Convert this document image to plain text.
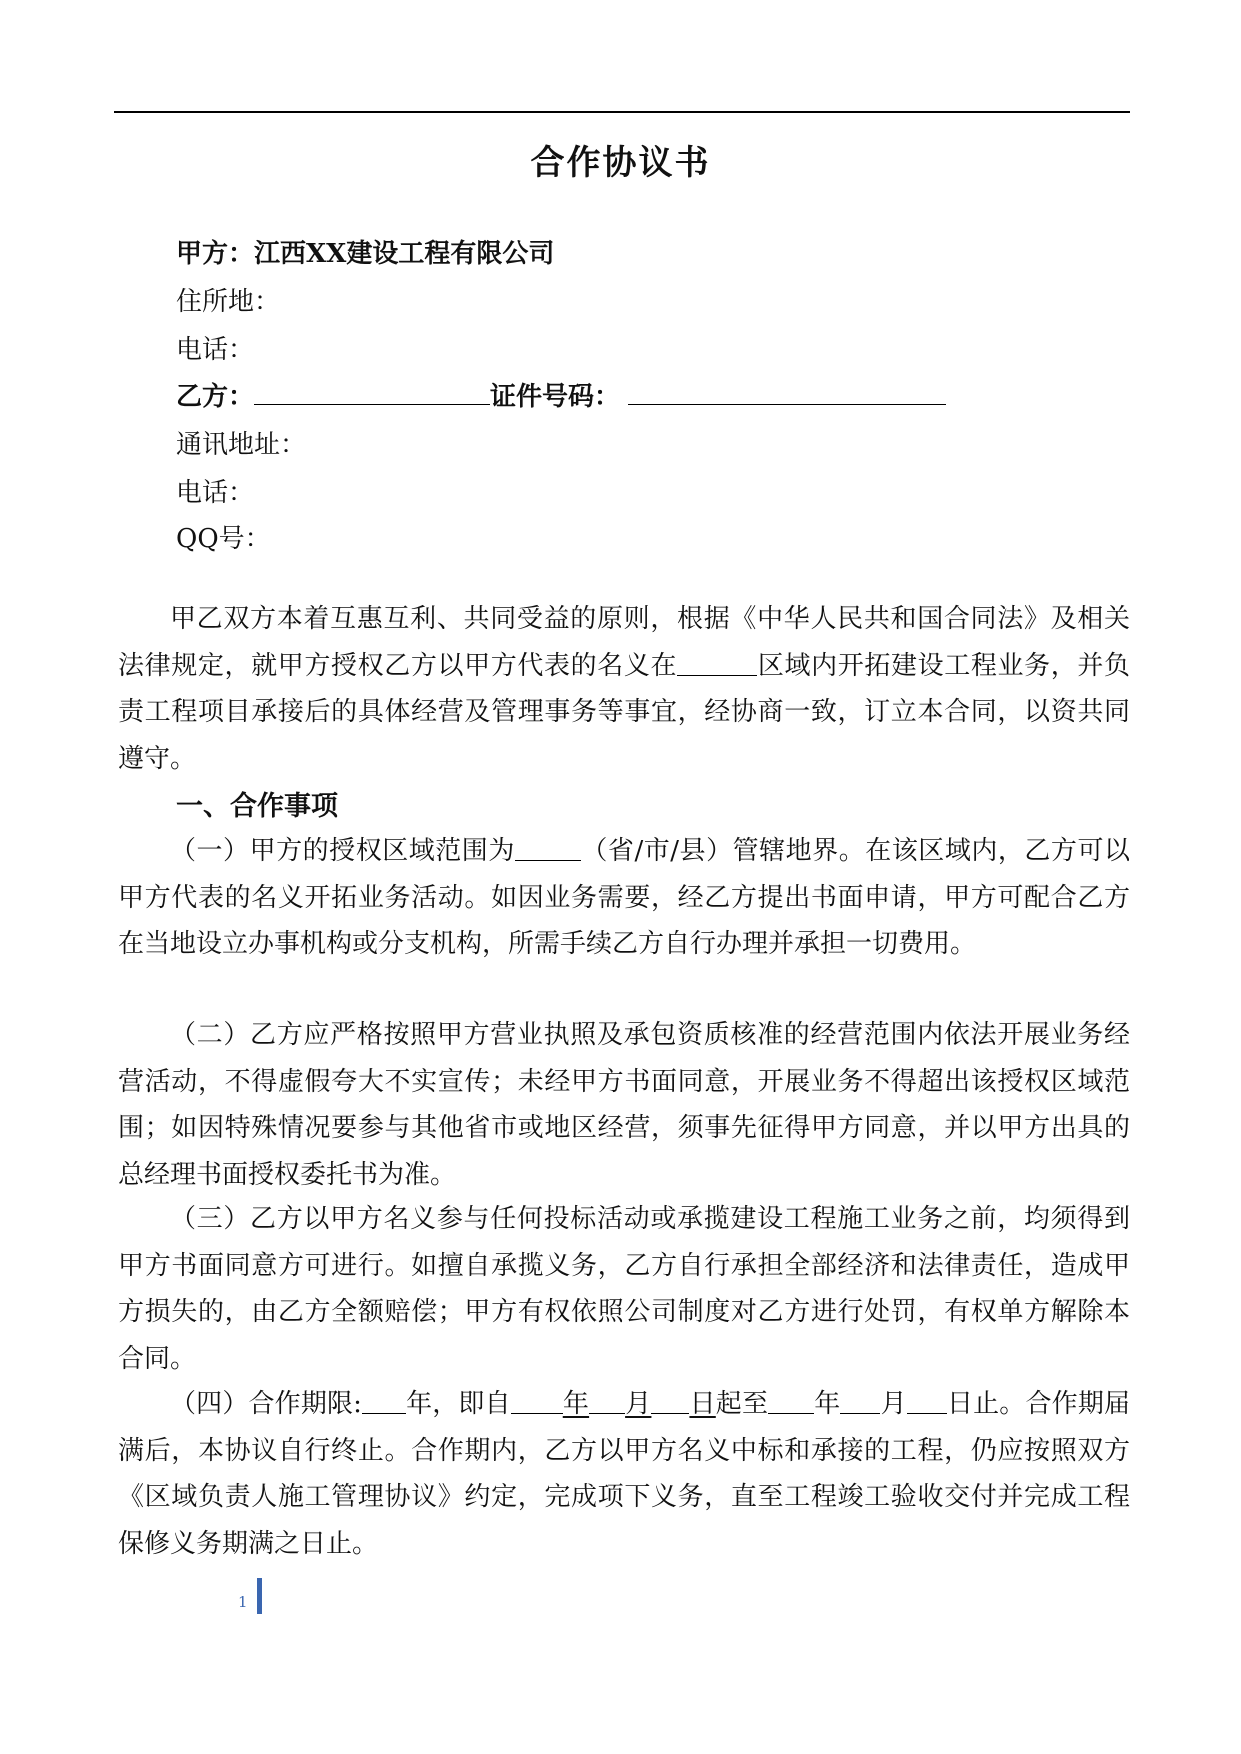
合作协议书
甲方：江西XX建设工程有限公司
住所地：
电话：
乙方：	证件号码：
通讯地址：
电话：
QQ号：

甲乙双方本着互惠互利、共同受益的原则，根据《中华人民共和国合同法》及相关法律规定，就甲方授权乙方以甲方代表的名义在	区域内开拓建设工程业务，并负责工程项目承接后的具体经营及管理事务等事宜，经协商一致，订立本合同，以资共同遵守。

一、合作事项

（一）甲方的授权区域范围为	（省/市/县）管辖地界。在该区域内，乙方可以甲方代表的名义开拓业务活动。如因业务需要，经乙方提出书面申请，甲方可配合乙方在当地设立办事机构或分支机构，所需手续乙方自行办理并承担一切费用。

（二）乙方应严格按照甲方营业执照及承包资质核准的经营范围内依法开展业务经营活动，不得虚假夸大不实宣传；未经甲方书面同意，开展业务不得超出该授权区域范围；如因特殊情况要参与其他省市或地区经营，须事先征得甲方同意，并以甲方出具的总经理书面授权委托书为准。

（三）乙方以甲方名义参与任何投标活动或承揽建设工程施工业务之前，均须得到甲方书面同意方可进行。如擅自承揽义务，乙方自行承担全部经济和法律责任，造成甲方损失的，由乙方全额赔偿；甲方有权依照公司制度对乙方进行处罚，有权单方解除本合同。

（四）合作期限: 年，即自 年 月 日起至 年 月 日止。合作期届满后，本协议自行终止。合作期内，乙方以甲方名义中标和承接的工程，仍应按照双方《区域负责人施工管理协议》约定，完成项下义务，直至工程竣工验收交付并完成工程保修义务期满之日止。

1
